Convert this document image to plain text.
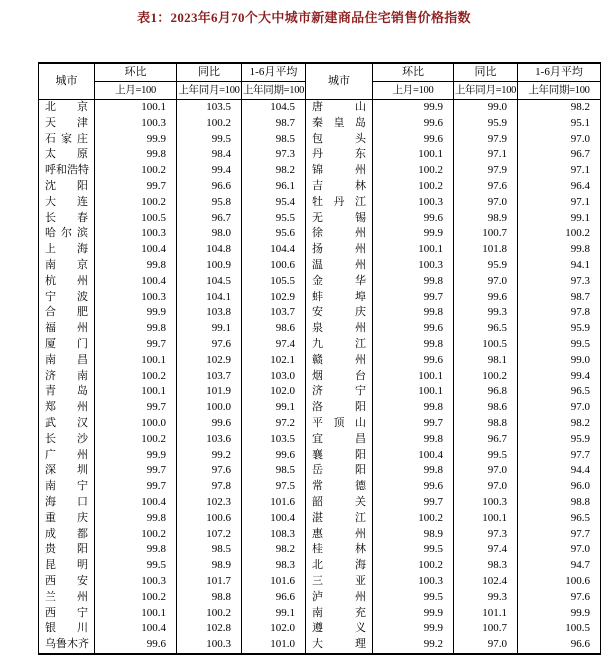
表1：2023年6月70个大中城市新建商品住宅销售价格指数
城市	环比	同比	1-6月平均	城市	环比	同比	1-6月平均
	上月=100	上年同月=100	上年同期=100		上月=100	上年同月=100	上年同期=100
北京	100.1	103.5	104.5	唐山	99.9	99.0	98.2
天津	100.3	100.2	98.7	秦皇岛	99.6	95.9	95.1
石家庄	99.9	99.5	98.5	包头	99.6	97.9	97.0
太原	99.8	98.4	97.3	丹东	100.1	97.1	96.7
呼和浩特	100.2	99.4	98.2	锦州	100.2	97.9	97.1
沈阳	99.7	96.6	96.1	吉林	100.2	97.6	96.4
大连	100.2	95.8	95.4	牡丹江	100.3	97.0	97.1
长春	100.5	96.7	95.5	无锡	99.6	98.9	99.1
哈尔滨	100.3	98.0	95.6	徐州	99.9	100.7	100.2
上海	100.4	104.8	104.4	扬州	100.1	101.8	99.8
南京	99.8	100.9	100.6	温州	100.3	95.9	94.1
杭州	100.4	104.5	105.5	金华	99.8	97.0	97.3
宁波	100.3	104.1	102.9	蚌埠	99.7	99.6	98.7
合肥	99.9	103.8	103.7	安庆	99.8	99.3	97.8
福州	99.8	99.1	98.6	泉州	99.6	96.5	95.9
厦门	99.7	97.6	97.4	九江	99.8	100.5	99.5
南昌	100.1	102.9	102.1	赣州	99.6	98.1	99.0
济南	100.2	103.7	103.0	烟台	100.1	100.2	99.4
青岛	100.1	101.9	102.0	济宁	100.1	96.8	96.5
郑州	99.7	100.0	99.1	洛阳	99.8	98.6	97.0
武汉	100.0	99.6	97.2	平顶山	99.7	98.8	98.2
长沙	100.2	103.6	103.5	宜昌	99.8	96.7	95.9
广州	99.9	99.2	99.6	襄阳	100.4	99.5	97.7
深圳	99.7	97.6	98.5	岳阳	99.8	97.0	94.4
南宁	99.7	97.8	97.5	常德	99.6	97.0	96.0
海口	100.4	102.3	101.6	韶关	99.7	100.3	98.8
重庆	99.8	100.6	100.4	湛江	100.2	100.1	96.5
成都	100.2	107.2	108.3	惠州	98.9	97.3	97.7
贵阳	99.8	98.5	98.2	桂林	99.5	97.4	97.0
昆明	99.5	98.9	98.3	北海	100.2	98.3	94.7
西安	100.3	101.7	101.6	三亚	100.3	102.4	100.6
兰州	100.2	98.8	96.6	泸州	99.5	99.3	97.6
西宁	100.1	100.2	99.1	南充	99.9	101.1	99.9
银川	100.4	102.8	102.0	遵义	99.9	100.7	100.5
乌鲁木齐	99.6	100.3	101.0	大理	99.2	97.0	96.6
